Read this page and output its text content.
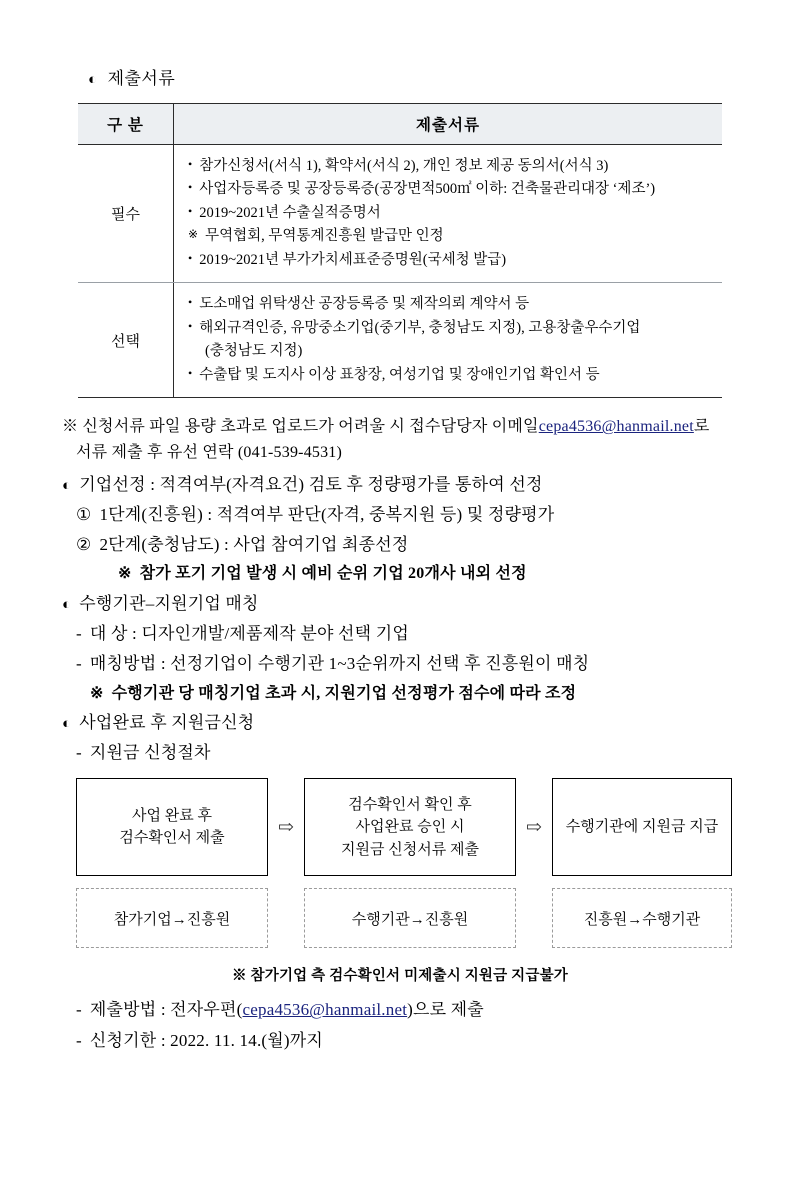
◐ 제출서류
구 분	제출서류
필수	
• 참가신청서(서식 1), 확약서(서식 2), 개인 정보 제공 동의서(서식 3)
• 사업자등록증 및 공장등록증(공장면적500㎡ 이하: 건축물관리대장 ‘제조’)
• 2019~2021년 수출실적증명서
※ 무역협회, 무역통계진흥원 발급만 인정
• 2019~2021년 부가가치세표준증명원(국세청 발급)

선택	
• 도소매업 위탁생산 공장등록증 및 제작의뢰 계약서 등
• 해외규격인증, 유망중소기업(중기부, 충청남도 지정), 고용창출우수기업
(충청남도 지정)
• 수출탑 및 도지사 이상 표창장, 여성기업 및 장애인기업 확인서 등
※ 신청서류 파일 용량 초과로 업로드가 어려울 시 접수담당자 이메일cepa4536@hanmail.net로
서류 제출 후 유선 연락 (041-539-4531)
◐ 기업선정 : 적격여부(자격요건) 검토 후 정량평가를 통하여 선정
① 1단계(진흥원) : 적격여부 판단(자격, 중복지원 등) 및 정량평가
② 2단계(충청남도) : 사업 참여기업 최종선정
※ 참가 포기 기업 발생 시 예비 순위 기업 20개사 내외 선정
◐ 수행기관–지원기업 매칭
- 대 상 : 디자인개발/제품제작 분야 선택 기업
- 매칭방법 : 선정기업이 수행기관 1~3순위까지 선택 후 진흥원이 매칭
※ 수행기관 당 매칭기업 초과 시, 지원기업 선정평가 점수에 따라 조정
◐ 사업완료 후 지원금신청
- 지원금 신청절차
사업 완료 후
검수확인서 제출
⇨
검수확인서 확인 후
사업완료 승인 시
지원금 신청서류 제출
⇨	수행기관에 지원금 지급
참가기업→진흥원	수행기관→진흥원	진흥원→수행기관
※ 참가기업 측 검수확인서 미제출시 지원금 지급불가
- 제출방법 : 전자우편(cepa4536@hanmail.net)으로 제출
- 신청기한 : 2022. 11. 14.(월)까지
